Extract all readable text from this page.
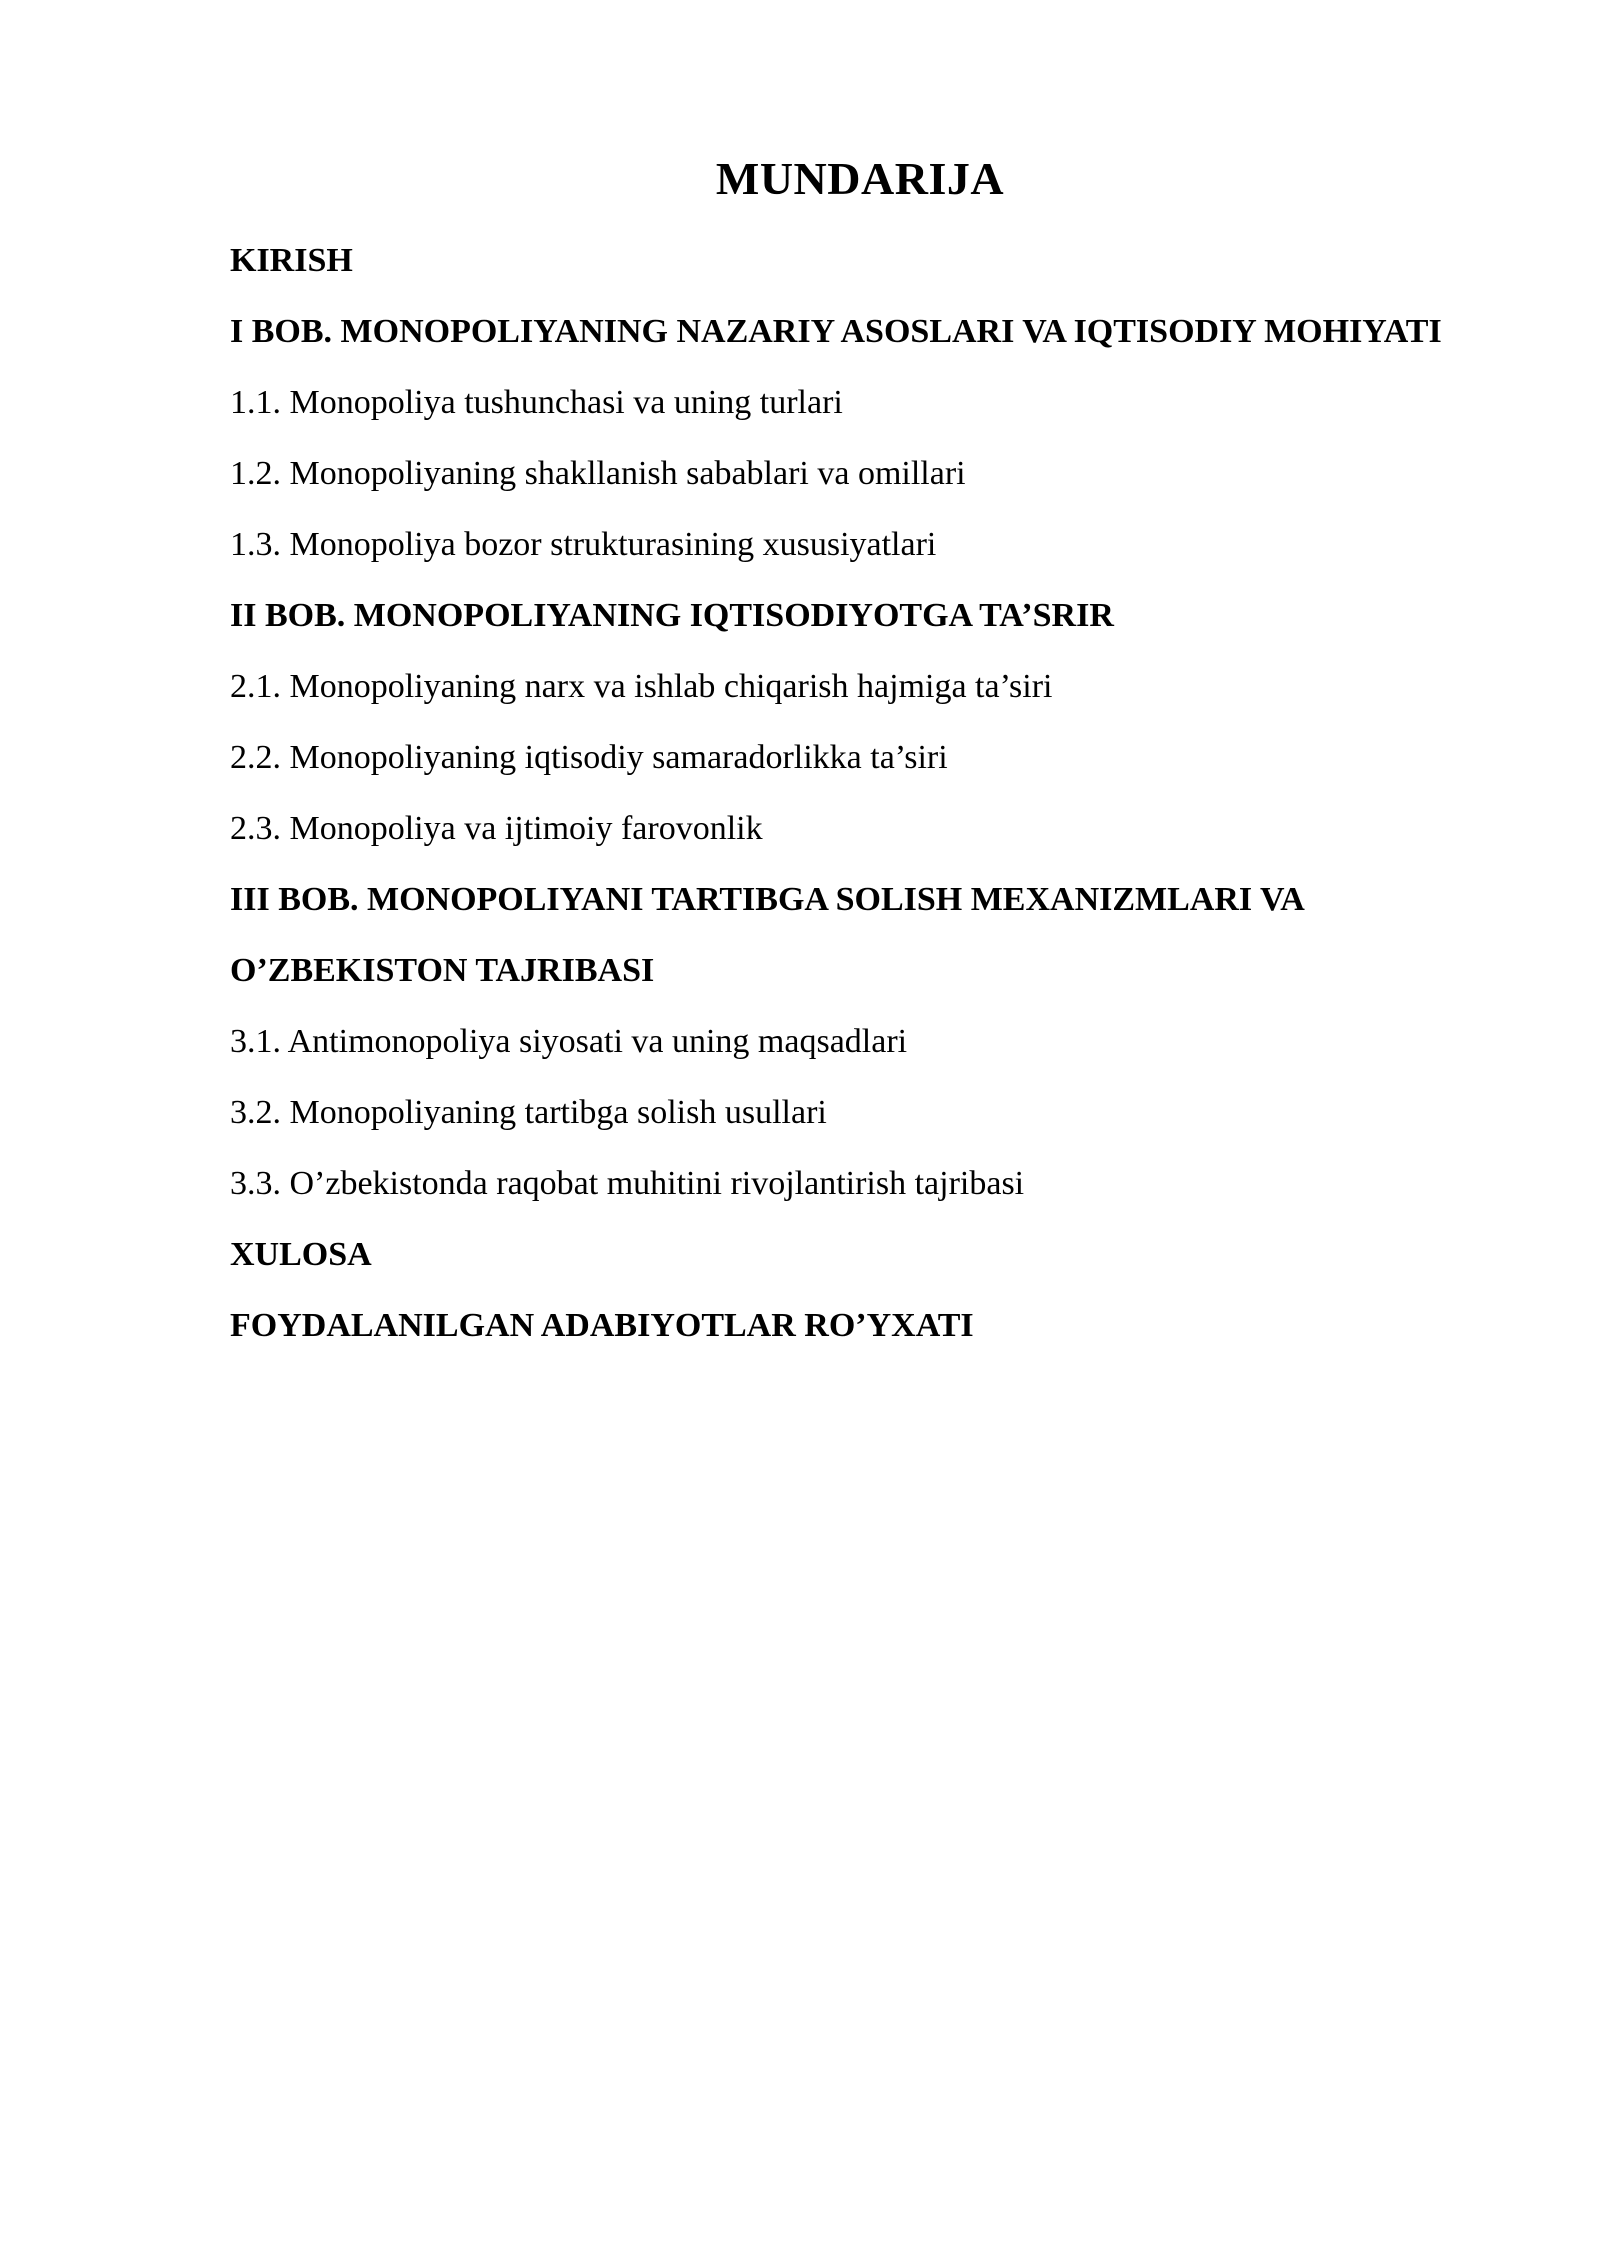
MUNDARIJA
KIRISH
I BOB. MONOPOLIYANING NAZARIY ASOSLARI VA IQTISODIY MOHIYATI
1.1. Monopoliya tushunchasi va uning turlari
1.2. Monopoliyaning shakllanish sabablari va omillari
1.3. Monopoliya bozor strukturasining xususiyatlari
II BOB. MONOPOLIYANING IQTISODIYOTGA TA’SRIR
2.1. Monopoliyaning narx va ishlab chiqarish hajmiga ta’siri
2.2. Monopoliyaning iqtisodiy samaradorlikka ta’siri
2.3. Monopoliya va ijtimoiy farovonlik
III BOB. MONOPOLIYANI TARTIBGA SOLISH MEXANIZMLARI VA
O’ZBEKISTON TAJRIBASI
3.1. Antimonopoliya siyosati va uning maqsadlari
3.2. Monopoliyaning tartibga solish usullari
3.3. O’zbekistonda raqobat muhitini rivojlantirish tajribasi
XULOSA
FOYDALANILGAN ADABIYOTLAR RO’YXATI
